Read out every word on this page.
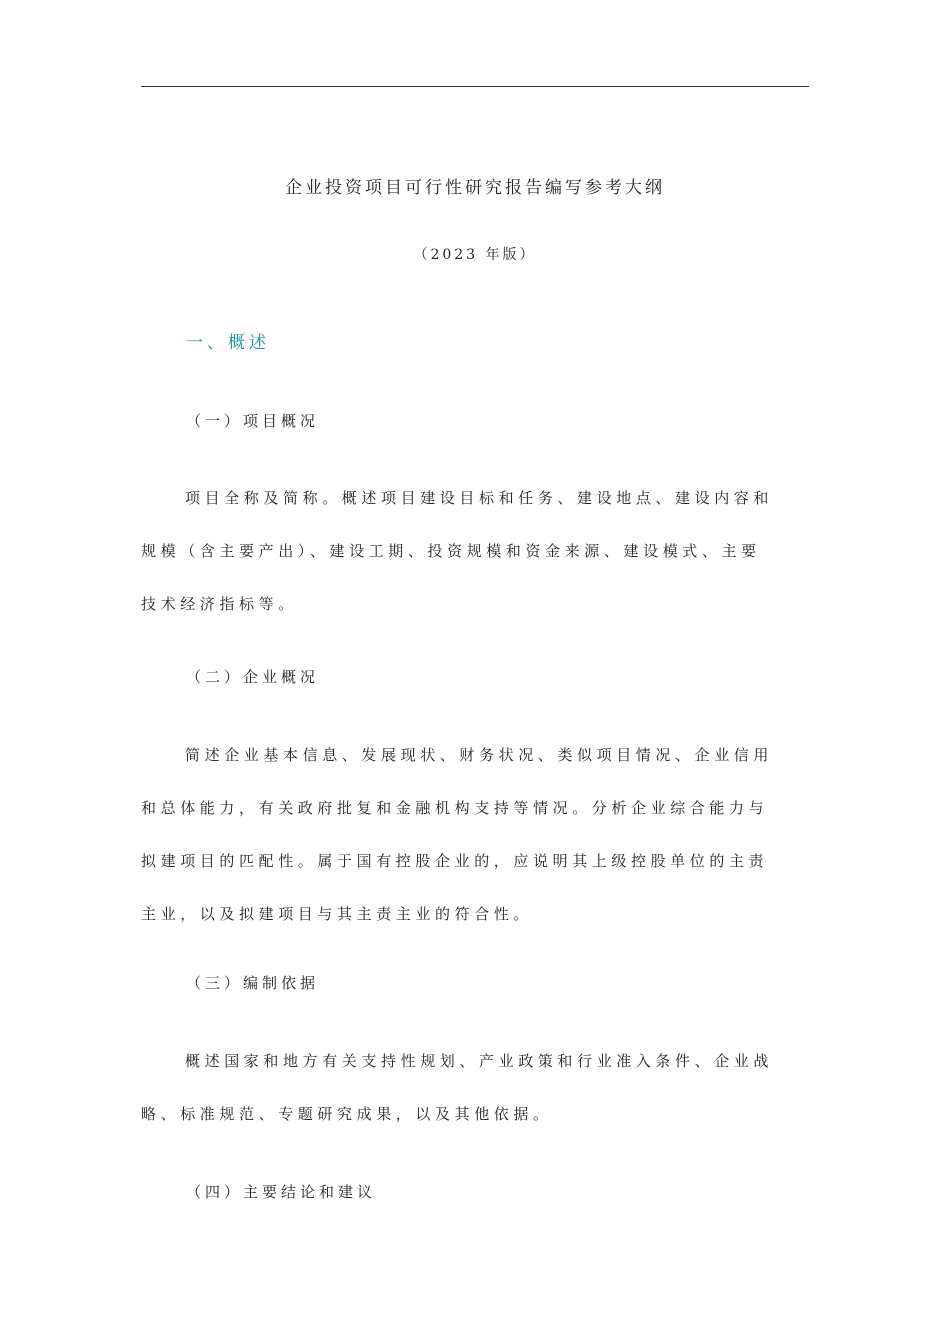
企业投资项目可行性研究报告编写参考大纲
（2023 年版）
一、概述
（一）项目概况
项目全称及简称。概述项目建设目标和任务、建设地点、建设内容和
规模（含主要产出）、建设工期、投资规模和资金来源、建设模式、主要
技术经济指标等。
（二）企业概况
简述企业基本信息、发展现状、财务状况、类似项目情况、企业信用
和总体能力，有关政府批复和金融机构支持等情况。分析企业综合能力与
拟建项目的匹配性。属于国有控股企业的，应说明其上级控股单位的主责
主业，以及拟建项目与其主责主业的符合性。
（三）编制依据
概述国家和地方有关支持性规划、产业政策和行业准入条件、企业战
略、标准规范、专题研究成果，以及其他依据。
（四）主要结论和建议
